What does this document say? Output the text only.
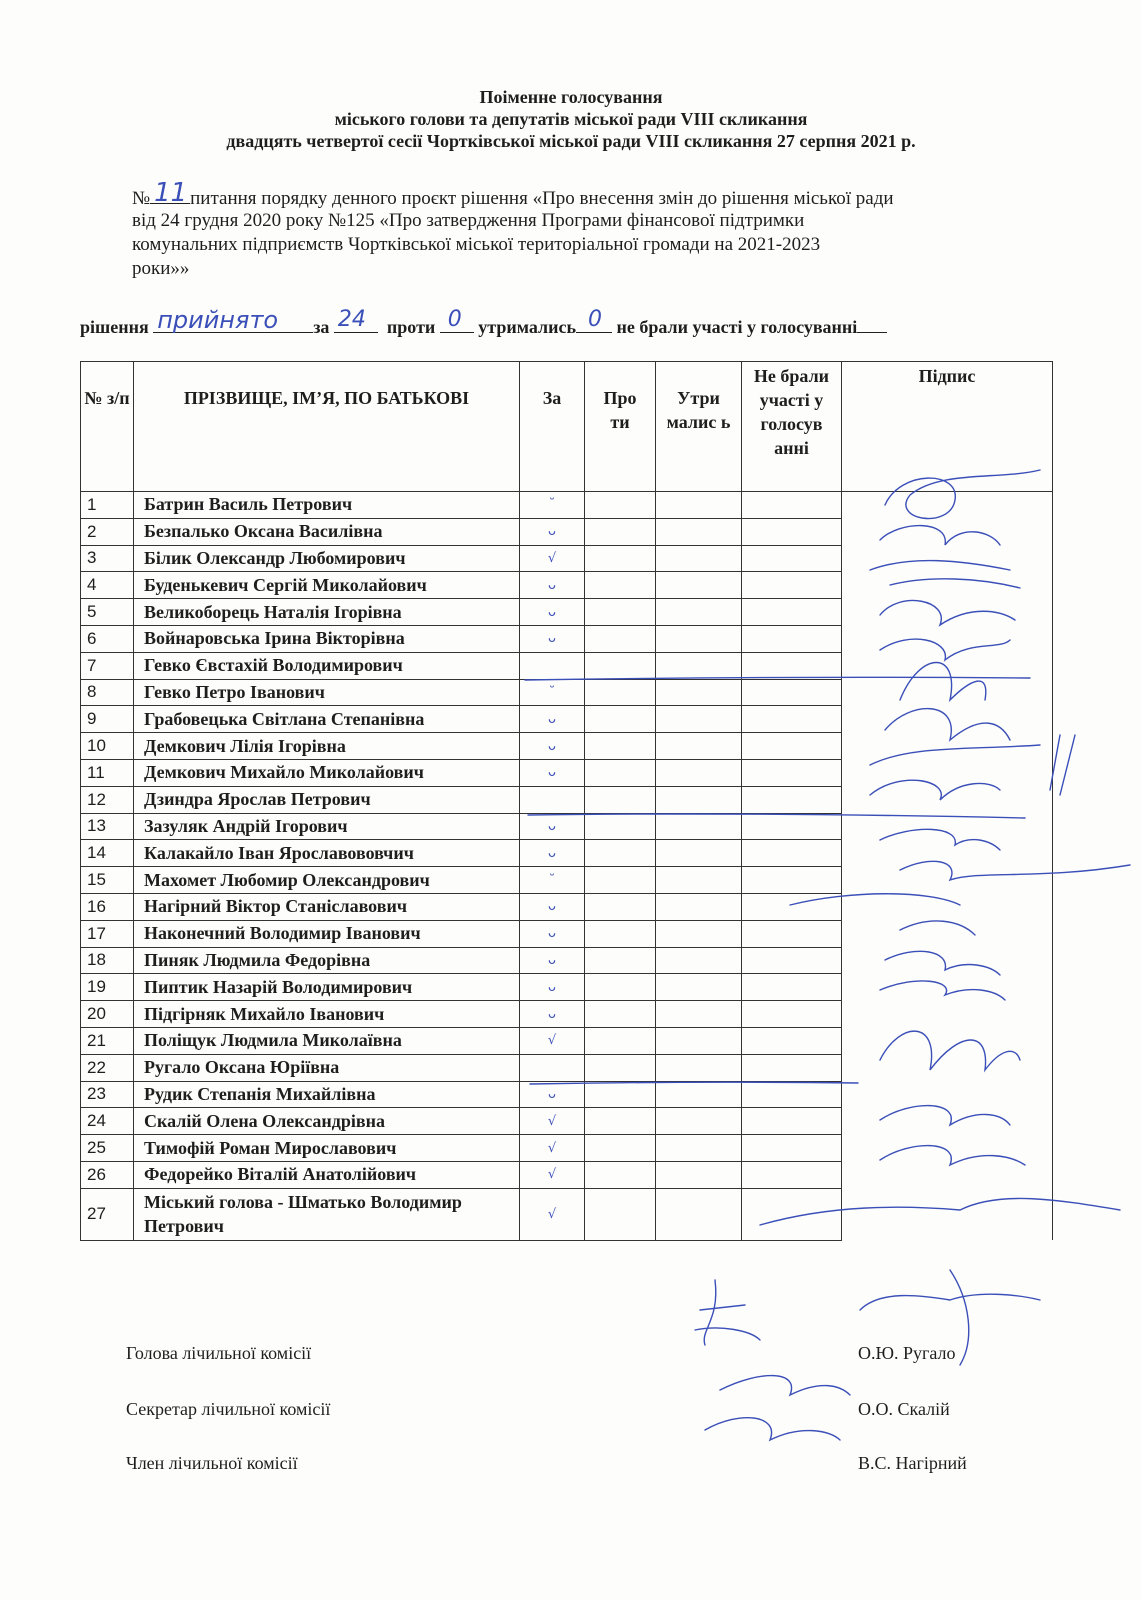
Поіменне голосування
міського голови та депутатів міської ради VIII скликання
двадцять четвертої сесії Чортківської міської ради VIII скликання 27 серпня 2021 р.
№ 11 питання порядку денного проєкт рішення «Про внесення змін до рішення міської ради
від 24 грудня 2020 року №125 «Про затвердження Програми фінансової підтримки
комунальних підприємств Чортківської міської територіальної громади на 2021-2023
роки»»
рішення прийнято за 24 проти 0 утримались 0 не брали участі у голосуванні
№ з/п	ПРІЗВИЩЕ, ІМ’Я, ПО БАТЬКОВІ	За	Про ти	Утри малис ь	Не брали участі у голосув анні	Підпис
1	Батрин Василь Петрович	˘				

2	Безпалько Оксана Василівна	ᴗ				

3	Білик Олександр Любомирович	√				

4	Буденькевич Сергій Миколайович	ᴗ				

5	Великоборець Наталія Ігорівна	ᴗ				

6	Войнаровська Ірина Вікторівна	ᴗ				

7	Гевко Євстахій Володимирович	

8	Гевко Петро Іванович	˘				

9	Грабовецька Світлана Степанівна	ᴗ				

10	Демкович Лілія Ігорівна	ᴗ				

11	Демкович Михайло Миколайович	ᴗ				

12	Дзиндра Ярослав Петрович	

13	Зазуляк Андрій Ігорович	ᴗ				

14	Калакайло Іван Ярославововчич	ᴗ				

15	Махомет Любомир Олександрович	˘				

16	Нагірний Віктор Станіславович	ᴗ				

17	Наконечний Володимир Іванович	ᴗ				

18	Пиняк Людмила Федорівна	ᴗ				

19	Пиптик Назарій Володимирович	ᴗ				

20	Підгірняк Михайло Іванович	ᴗ				

21	Поліщук Людмила Миколаївна	√				

22	Ругало Оксана Юріївна	

23	Рудик Степанія Михайлівна	ᴗ				

24	Скалій Олена Олександрівна	√				

25	Тимофій Роман Мирославович	√				

26	Федорейко Віталій Анатолійович	√				

27	Міський голова - Шматько Володимир Петрович	√				

Голова лічильної комісії	О.Ю. Ругало
Секретар лічильної комісії	О.О. Скалій
Член лічильної комісії	В.С. Нагірний
